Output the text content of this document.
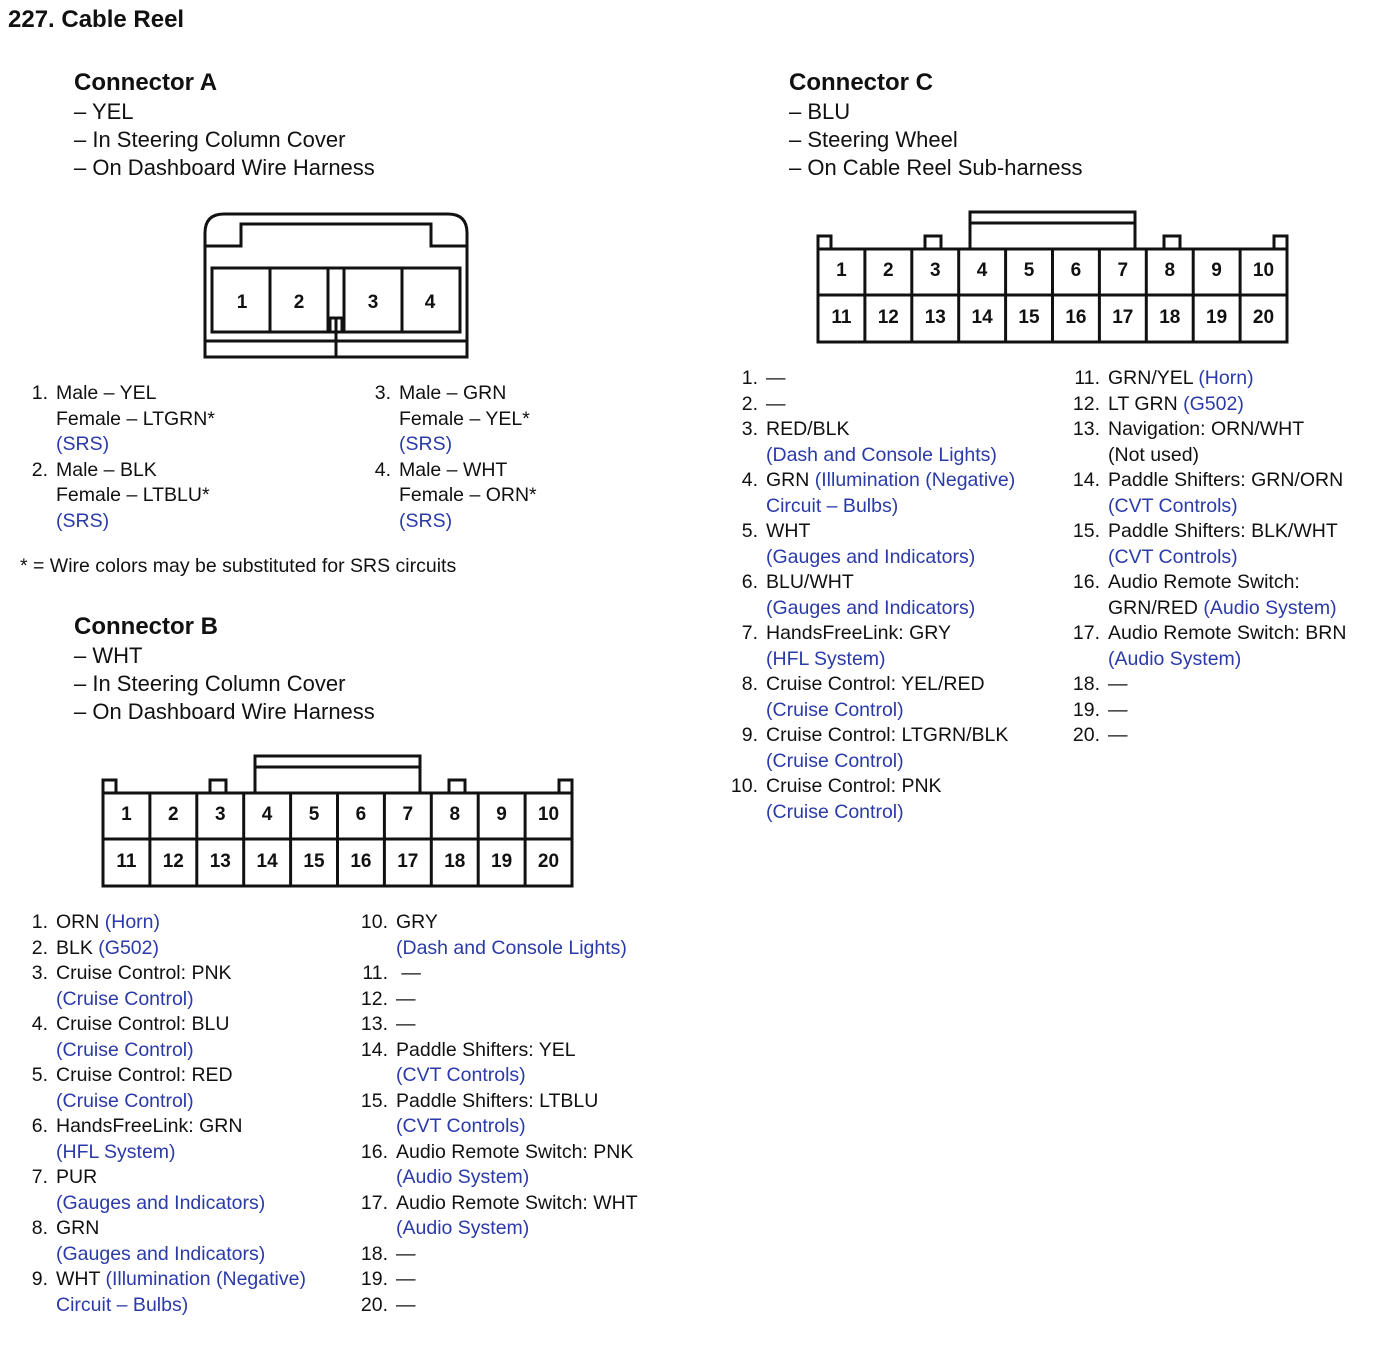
227. Cable Reel
Connector A
– YEL
– In Steering Column Cover
– On Dashboard Wire Harness
1 2	3 4
1. Male – YEL
Female – LTGRN*
(SRS)
2. Male – BLK
Female – LTBLU*
(SRS)
3. Male – GRN
Female – YEL*
(SRS)
4. Male – WHT
Female – ORN*
(SRS)
* = Wire colors may be substituted for SRS circuits
Connector B
– WHT
– In Steering Column Cover
– On Dashboard Wire Harness
1 2 3 4 5 6 7 8 9 10
11 12 13 14 15 16 17 18 19 20
1. ORN (Horn)
2. BLK (G502)
3. Cruise Control: PNK
(Cruise Control)
4. Cruise Control: BLU
(Cruise Control)
5. Cruise Control: RED
(Cruise Control)
6. HandsFreeLink: GRN
(HFL System)
7. PUR
(Gauges and Indicators)
8. GRN
(Gauges and Indicators)
9. WHT (Illumination (Negative)
Circuit – Bulbs)
10. GRY
(Dash and Console Lights)
11. —
12. —
13. —
14. Paddle Shifters: YEL
(CVT Controls)
15. Paddle Shifters: LTBLU
(CVT Controls)
16. Audio Remote Switch: PNK
(Audio System)
17. Audio Remote Switch: WHT
(Audio System)
18. —
19. —
20. —
Connector C
– BLU
– Steering Wheel
– On Cable Reel Sub-harness
1 2 3 4 5 6 7 8 9 10
11 12 13 14 15 16 17 18 19 20
1. —
2. —
3. RED/BLK
(Dash and Console Lights)
4. GRN (Illumination (Negative)
Circuit – Bulbs)
5. WHT
(Gauges and Indicators)
6. BLU/WHT
(Gauges and Indicators)
7. HandsFreeLink: GRY
(HFL System)
8. Cruise Control: YEL/RED
(Cruise Control)
9. Cruise Control: LTGRN/BLK
(Cruise Control)
10. Cruise Control: PNK
(Cruise Control)
11. GRN/YEL (Horn)
12. LT GRN (G502)
13. Navigation: ORN/WHT
(Not used)
14. Paddle Shifters: GRN/ORN
(CVT Controls)
15. Paddle Shifters: BLK/WHT
(CVT Controls)
16. Audio Remote Switch:
GRN/RED (Audio System)
17. Audio Remote Switch: BRN
(Audio System)
18. —
19. —
20. —
